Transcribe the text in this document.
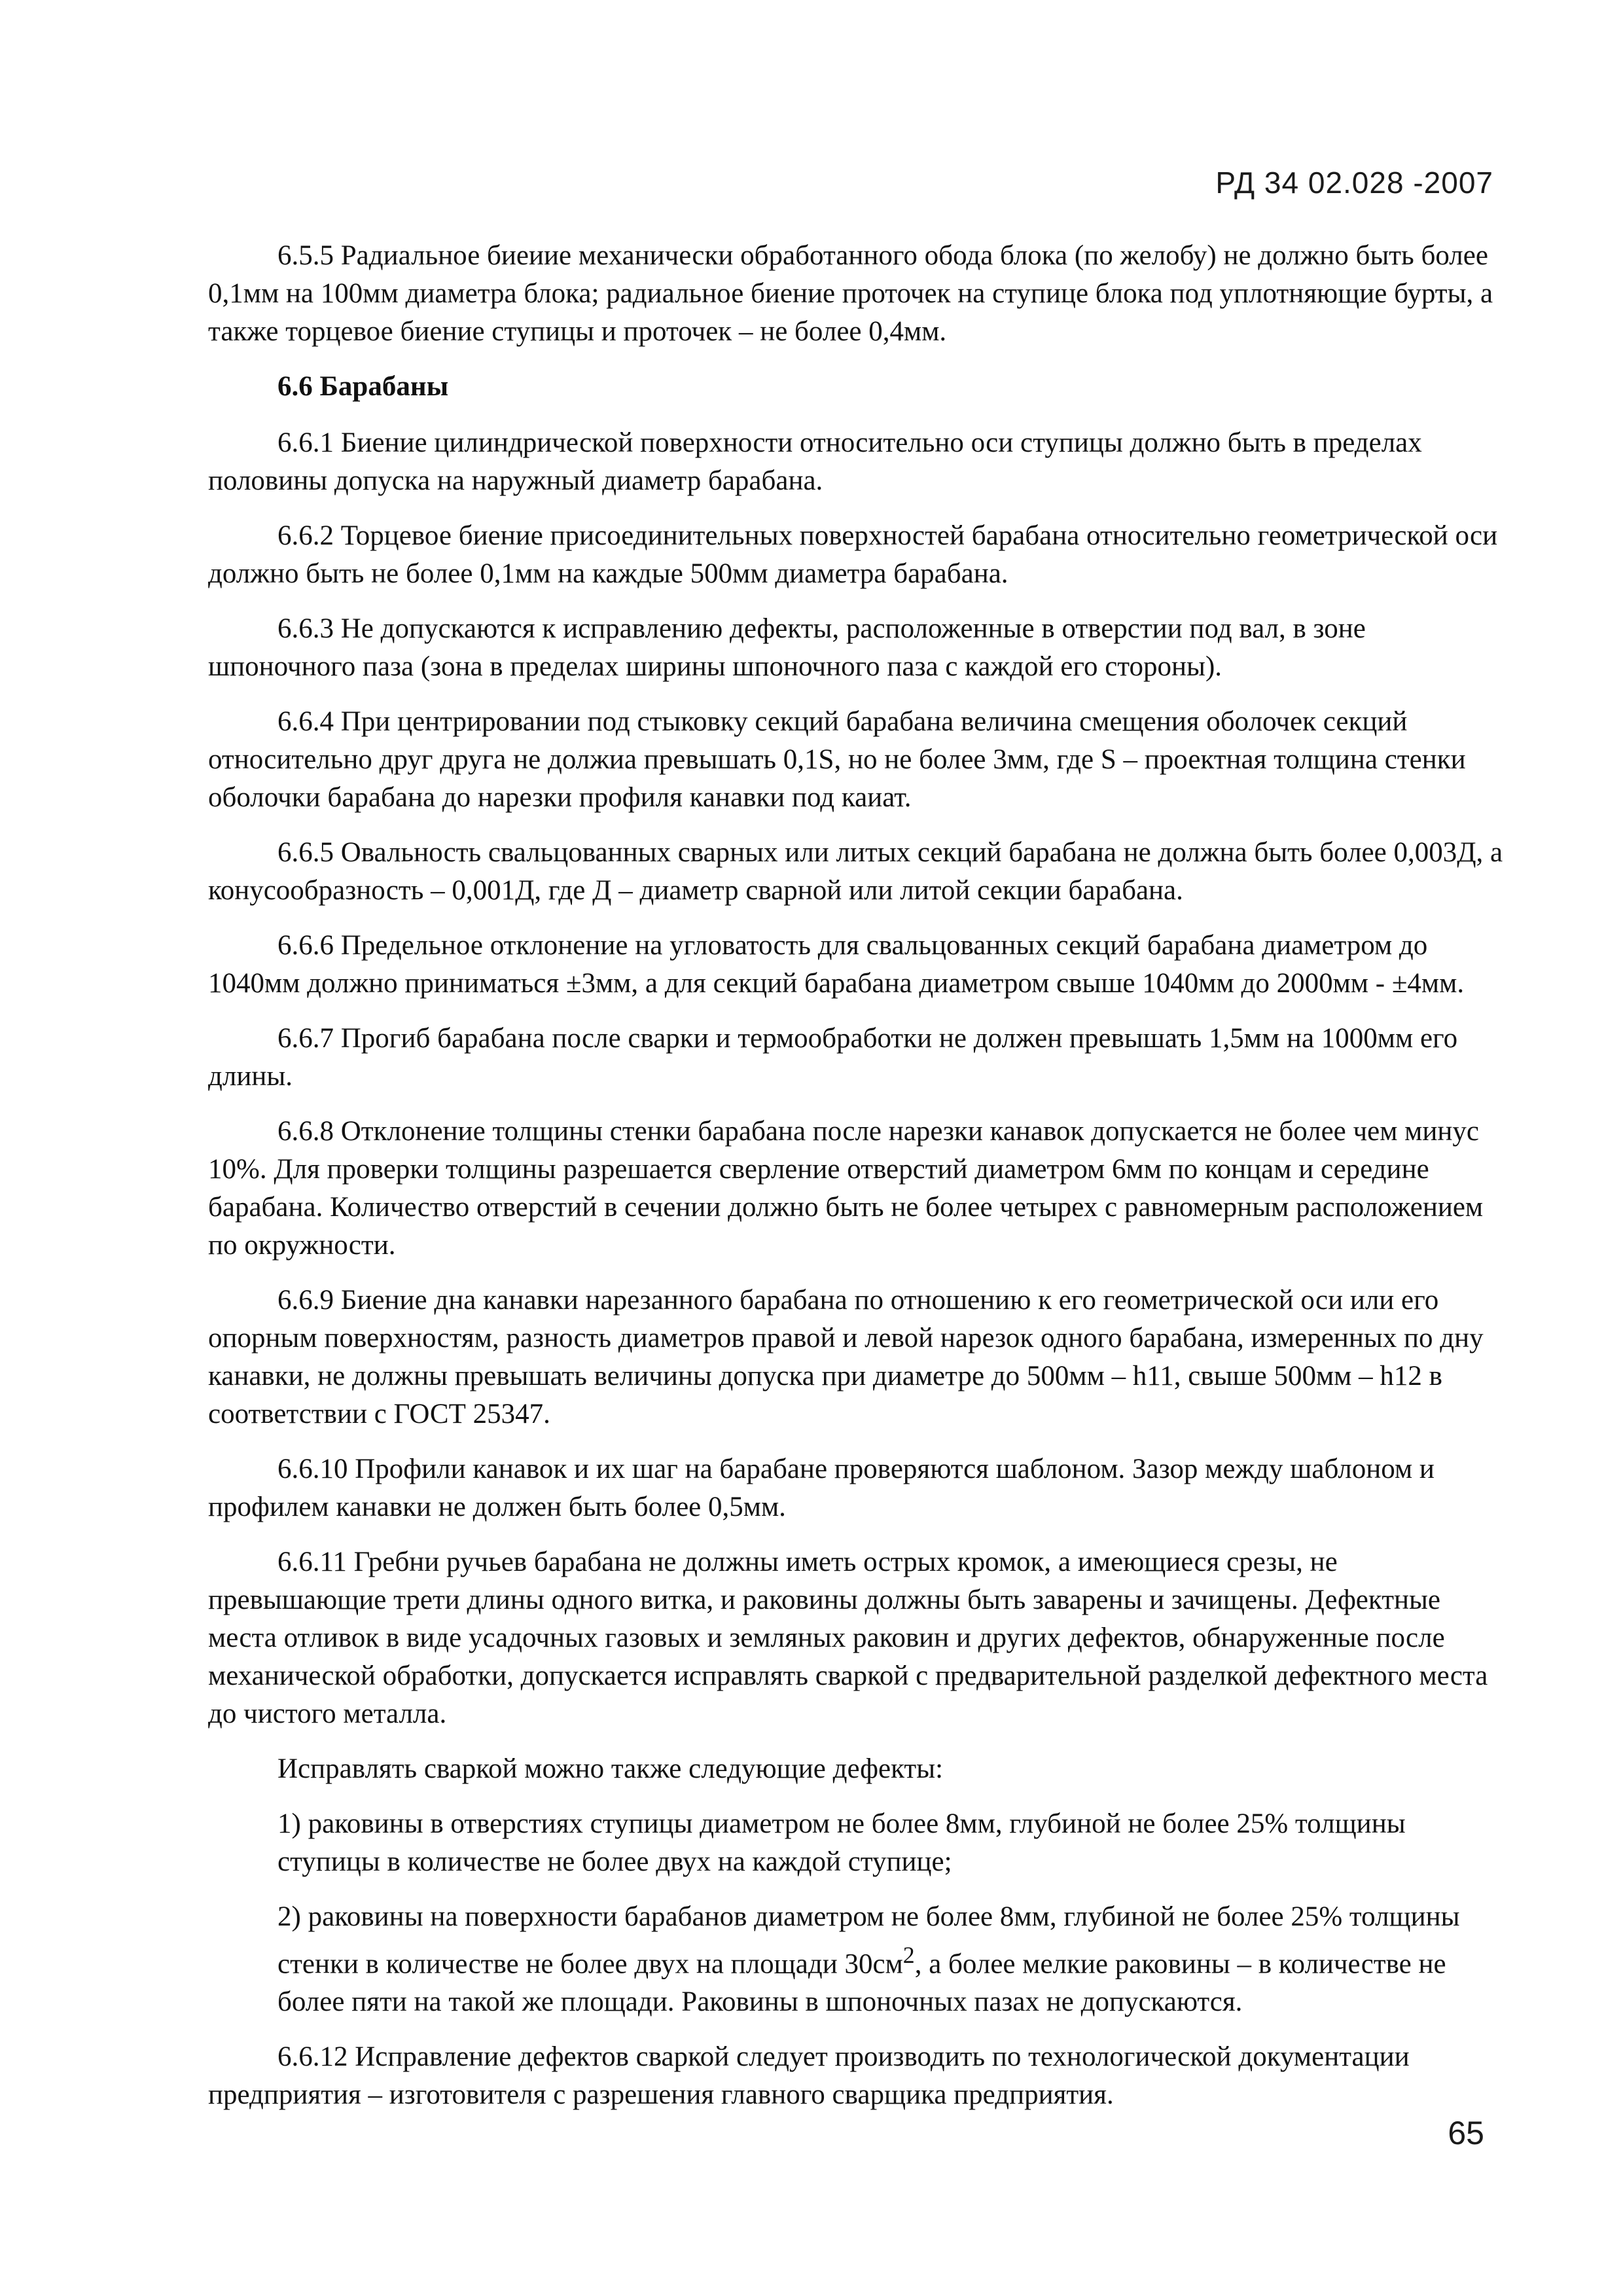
РД 34 02.028 -2007

6.5.5 Радиальное биеиие механически обработанного обода блока (по желобу) не должно быть более 0,1мм на 100мм диаметра блока; радиальное биение проточек на ступице блока под уплотняющие бурты, а также торцевое биение ступицы и проточек – не более 0,4мм.

6.6 Барабаны

6.6.1 Биение цилиндрической поверхности относительно оси ступицы должно быть в пределах половины допуска на наружный диаметр барабана.

6.6.2 Торцевое биение присоединительных поверхностей барабана относительно геометрической оси должно быть не более 0,1мм на каждые 500мм диаметра барабана.

6.6.3 Не допускаются к исправлению дефекты, расположенные в отверстии под вал, в зоне шпоночного паза (зона в пределах ширины шпоночного паза с каждой его стороны).

6.6.4 При центрировании под стыковку секций барабана величина смещения оболочек секций относительно друг друга не должиа превышать 0,1S, но не более 3мм, где S – проектная толщина стенки оболочки барабана до нарезки профиля канавки под каиат.

6.6.5 Овальность свальцованных сварных или литых секций барабана не должна быть более 0,003Д, а конусообразность – 0,001Д, где Д – диаметр сварной или литой секции барабана.

6.6.6 Предельное отклонение на угловатость для свальцованных секций барабана диаметром до 1040мм должно приниматься ±3мм, а для секций барабана диаметром свыше 1040мм до 2000мм - ±4мм.

6.6.7 Прогиб барабана после сварки и термообработки не должен превышать 1,5мм на 1000мм его длины.

6.6.8 Отклонение толщины стенки барабана после нарезки канавок допускается не более чем минус 10%. Для проверки толщины разрешается сверление отверстий диаметром 6мм по концам и середине барабана. Количество отверстий в сечении должно быть не более четырех с равномерным расположением по окружности.

6.6.9 Биение дна канавки нарезанного барабана по отношению к его геометрической оси или его опорным поверхностям, разность диаметров правой и левой нарезок одного барабана, измеренных по дну канавки, не должны превышать величины допуска при диаметре до 500мм – h11, свыше 500мм – h12 в соответствии с ГОСТ 25347.

6.6.10 Профили канавок и их шаг на барабане проверяются шаблоном. Зазор между шаблоном и профилем канавки не должен быть более 0,5мм.

6.6.11 Гребни ручьев барабана не должны иметь острых кромок, а имеющиеся срезы, не превышающие трети длины одного витка, и раковины должны быть заварены и зачищены. Дефектные места отливок в виде усадочных газовых и земляных раковин и других дефектов, обнаруженные после механической обработки, допускается исправлять сваркой с предварительной разделкой дефектного места до чистого металла.

Исправлять сваркой можно также следующие дефекты:

1) раковины в отверстиях ступицы диаметром не более 8мм, глубиной не более 25% толщины ступицы в количестве не более двух на каждой ступице;

2) раковины на поверхности барабанов диаметром не более 8мм, глубиной не более 25% толщины стенки в количестве не более двух на площади $30см^2$, а более мелкие раковины – в количестве не более пяти на такой же площади. Раковины в шпоночных пазах не допускаются.

6.6.12 Исправление дефектов сваркой следует производить по технологической документации предприятия – изготовителя с разрешения главного сварщика предприятия.

65
